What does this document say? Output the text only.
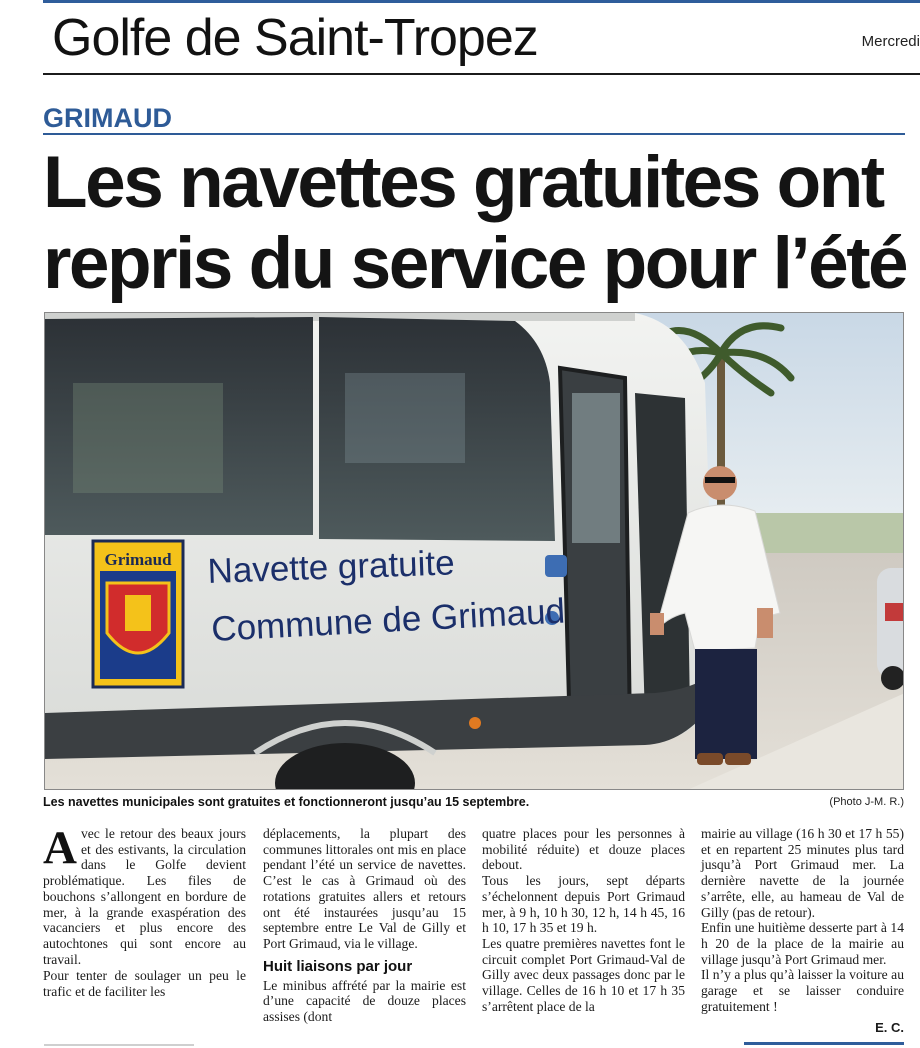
Golfe de Saint-Tropez	Mercredi
GRIMAUD
Les navettes gratuites ont repris du service pour l’été
Grimaud Navette gratuite
Commune de Grimaud
Les navettes municipales sont gratuites et fonctionneront jusqu’au 15 septembre.	(Photo J-M. R.)

Avec le retour des beaux jours et des estivants, la circulation dans le Golfe devient problématique. Les files de bouchons s’allongent en bordure de mer, à la grande exaspération des vacanciers et plus encore des autochtones qui sont encore au travail.

Pour tenter de soulager un peu le trafic et de faciliter les

déplacements, la plupart des communes littorales ont mis en place pendant l’été un service de navettes. C’est le cas à Grimaud où des rotations gratuites allers et retours ont été instaurées jusqu’au 15 septembre entre Le Val de Gilly et Port Grimaud, via le village.

Huit liaisons par jour

Le minibus affrété par la mairie est d’une capacité de douze places assises (dont

quatre places pour les personnes à mobilité réduite) et douze places debout.

Tous les jours, sept départs s’échelonnent depuis Port Grimaud mer, à 9 h, 10 h 30, 12 h, 14 h 45, 16 h 10, 17 h 35 et 19 h.

Les quatre premières navettes font le circuit complet Port Grimaud-Val de Gilly avec deux passages donc par le village. Celles de 16 h 10 et 17 h 35 s’arrêtent place de la

mairie au village (16 h 30 et 17 h 55) et en repartent 25 minutes plus tard jusqu’à Port Grimaud mer. La dernière navette de la journée s’arrête, elle, au hameau de Val de Gilly (pas de retour).

Enfin une huitième desserte part à 14 h 20 de la place de la mairie au village jusqu’à Port Grimaud mer.

Il n’y a plus qu’à laisser la voiture au garage et se laisser conduire gratuitement !

E. C.
